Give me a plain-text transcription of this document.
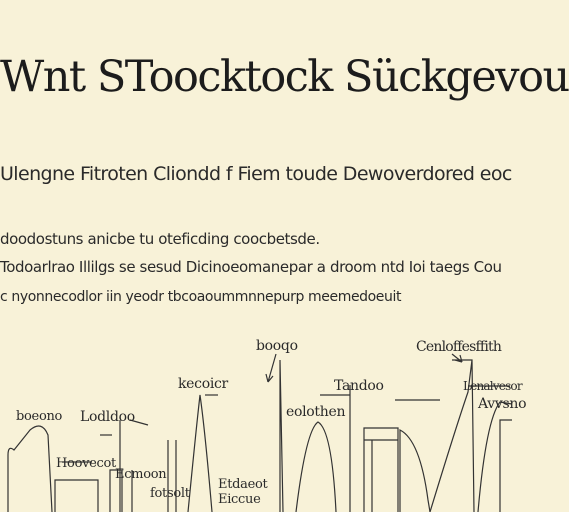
Wnt SToocktock Sückgevou
Ulengne Fitroten Cliondd f Fiem toude Dewoverdored eoc
doodostuns anicbe tu oteficding coocbetsde.
Todoarlrao Illilgs se sesud Dicinoeomanepar a droom ntd Ioi taegs Cou
c nyonnecodlor iin yeodr tbcoaoummnnepurp meemedoeuit
booqo	Cenloffesffith
kecoicr	Tandoo	Lenalvesor
Avvsno
boeono Lodldoo	eolothen
Hoovecot
Ecmoon
fotsolt
Etdaeot
Eiccue
